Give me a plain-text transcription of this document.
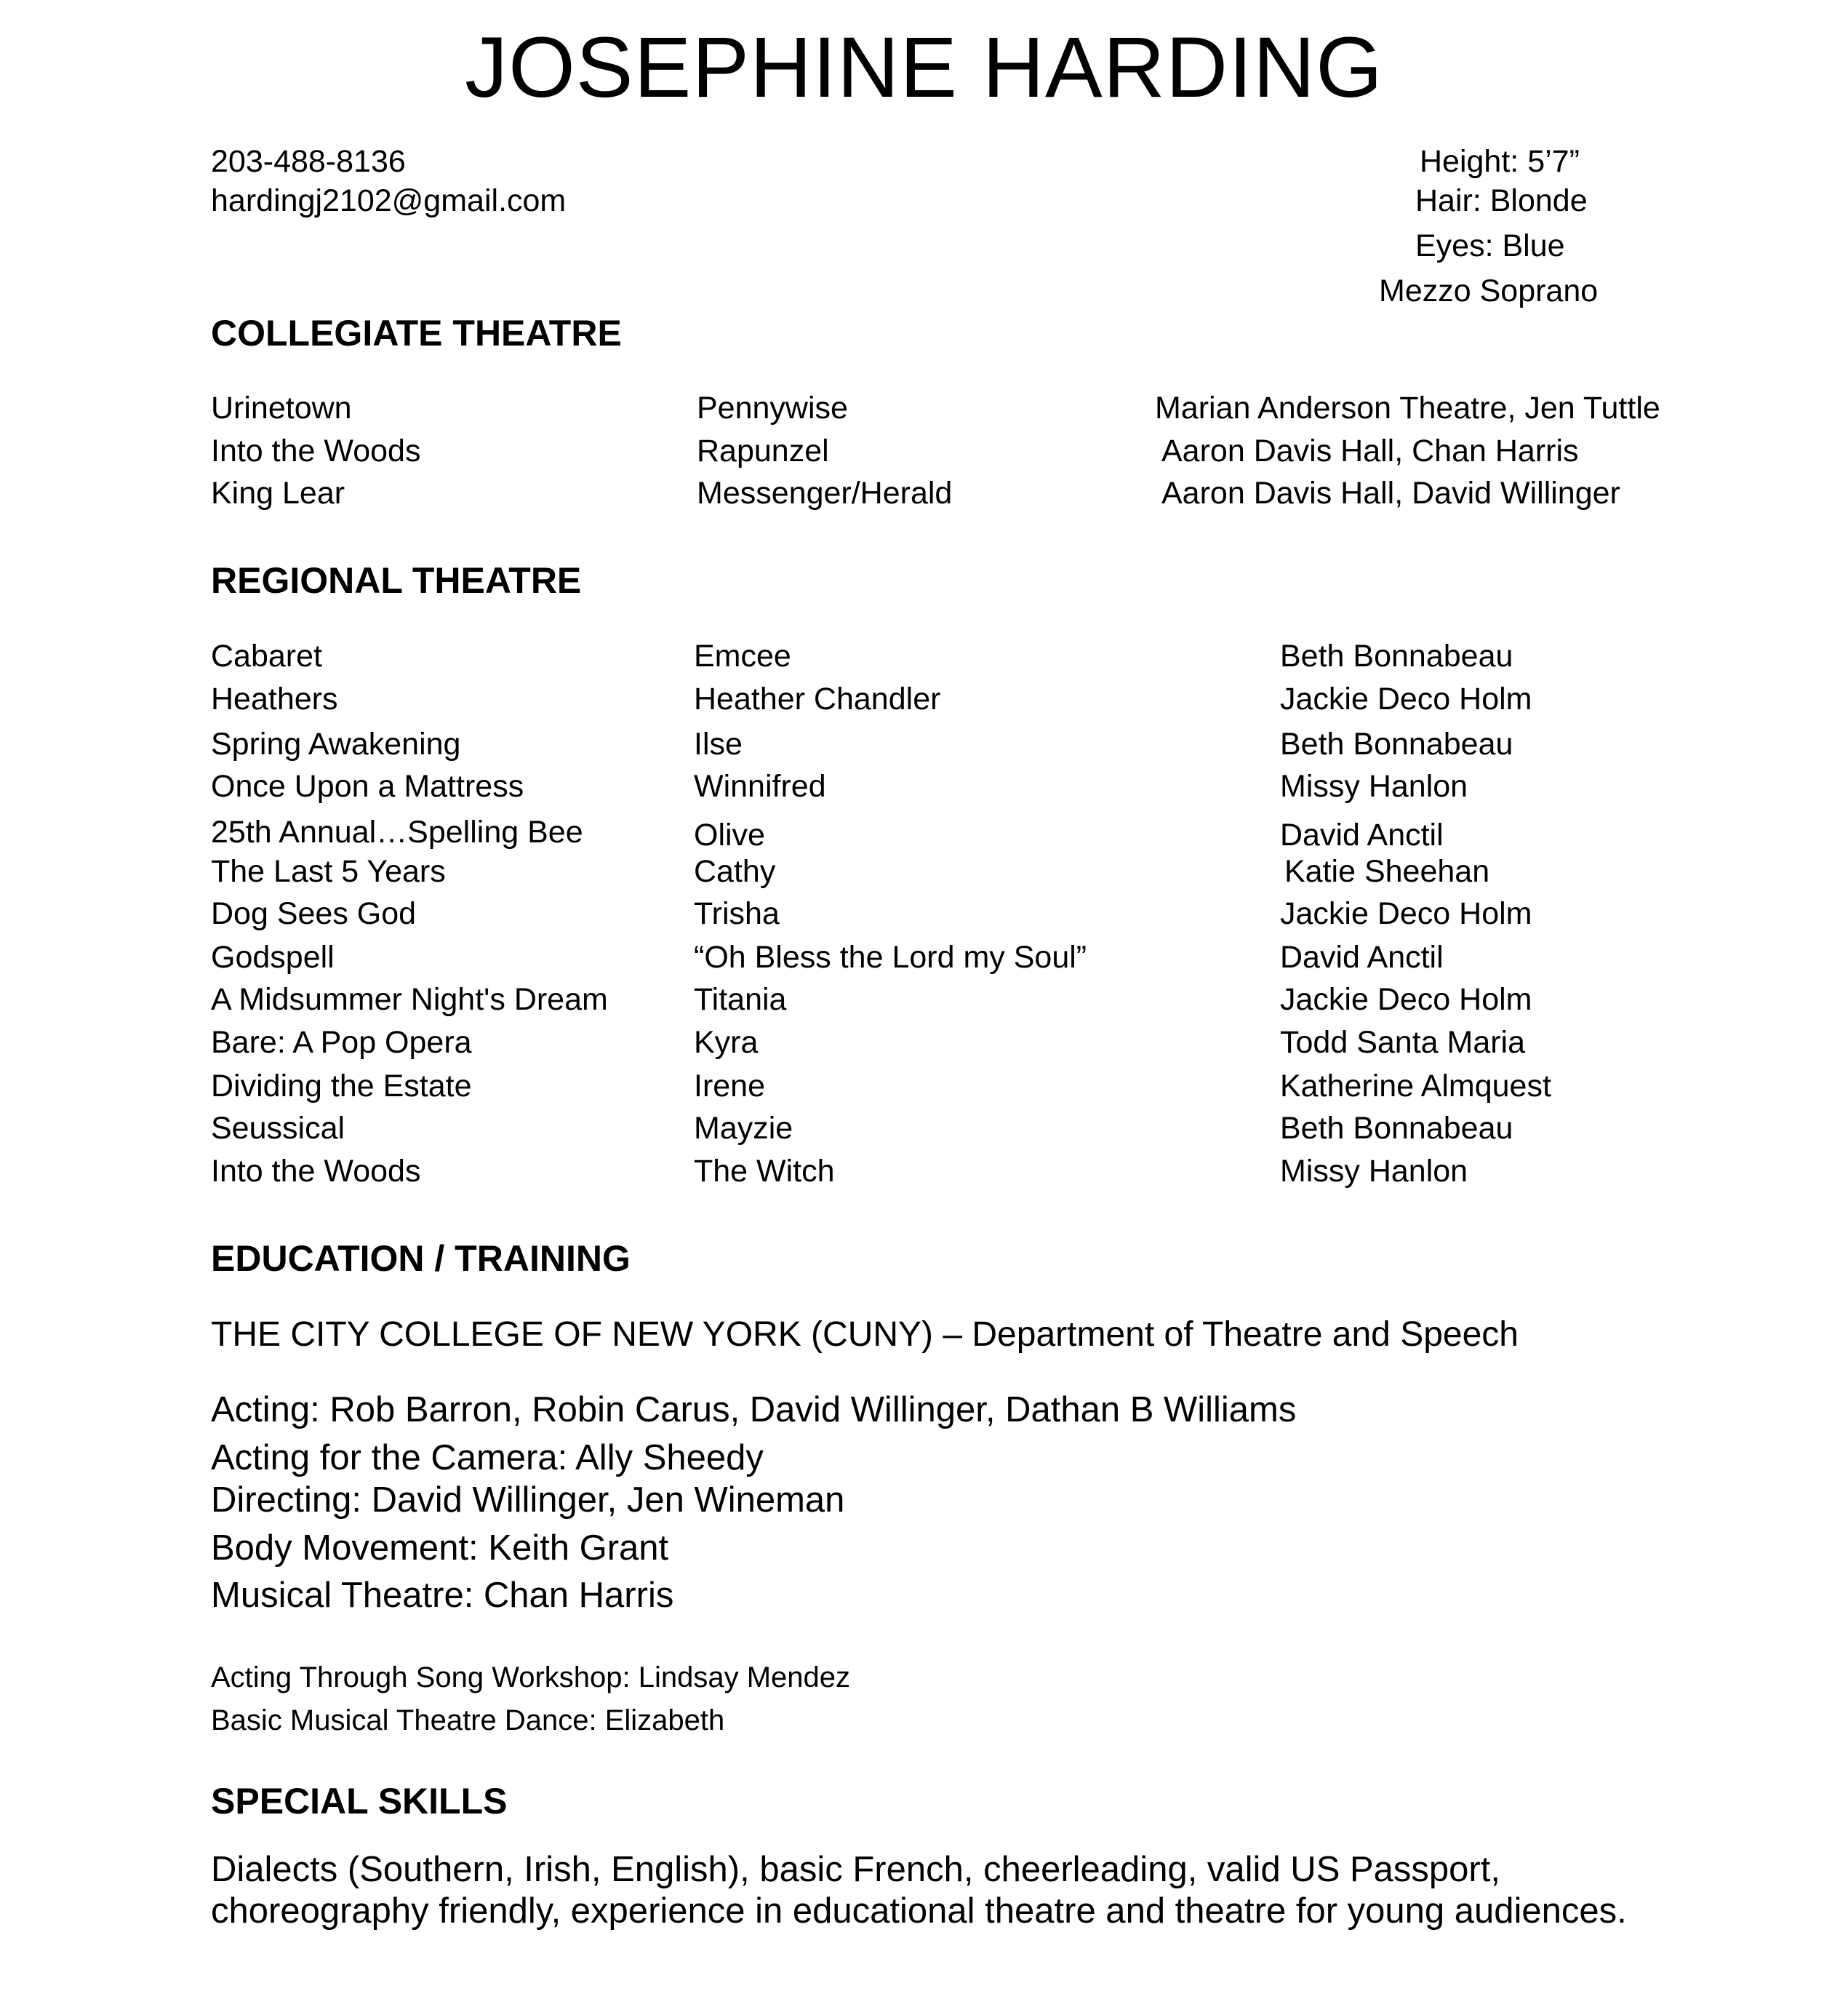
JOSEPHINE HARDING
203-488-8136
hardingj2102@gmail.com
Height: 5’7”
Hair: Blonde
Eyes: Blue
Mezzo Soprano
COLLEGIATE THEATRE
Urinetown	Pennywise	Marian Anderson Theatre, Jen Tuttle
Into the Woods	Rapunzel	Aaron Davis Hall, Chan Harris
King Lear	Messenger/Herald	Aaron Davis Hall, David Willinger
REGIONAL THEATRE
Cabaret	Emcee	Beth Bonnabeau
Heathers	Heather Chandler	Jackie Deco Holm
Spring Awakening	Ilse	Beth Bonnabeau
Once Upon a Mattress	Winnifred	Missy Hanlon
25th Annual…Spelling Bee	Olive	David Anctil
The Last 5 Years	Cathy	Katie Sheehan
Dog Sees God	Trisha	Jackie Deco Holm
Godspell	“Oh Bless the Lord my Soul”	David Anctil
A Midsummer Night's Dream	Titania	Jackie Deco Holm
Bare: A Pop Opera	Kyra	Todd Santa Maria
Dividing the Estate	Irene	Katherine Almquest
Seussical	Mayzie	Beth Bonnabeau
Into the Woods	The Witch	Missy Hanlon
EDUCATION / TRAINING
THE CITY COLLEGE OF NEW YORK (CUNY) – Department of Theatre and Speech
Acting: Rob Barron, Robin Carus, David Willinger, Dathan B Williams
Acting for the Camera: Ally Sheedy
Directing: David Willinger, Jen Wineman
Body Movement: Keith Grant
Musical Theatre: Chan Harris
Acting Through Song Workshop: Lindsay Mendez
Basic Musical Theatre Dance: Elizabeth
SPECIAL SKILLS
Dialects (Southern, Irish, English), basic French, cheerleading, valid US Passport, choreography friendly, experience in educational theatre and theatre for young audiences.
